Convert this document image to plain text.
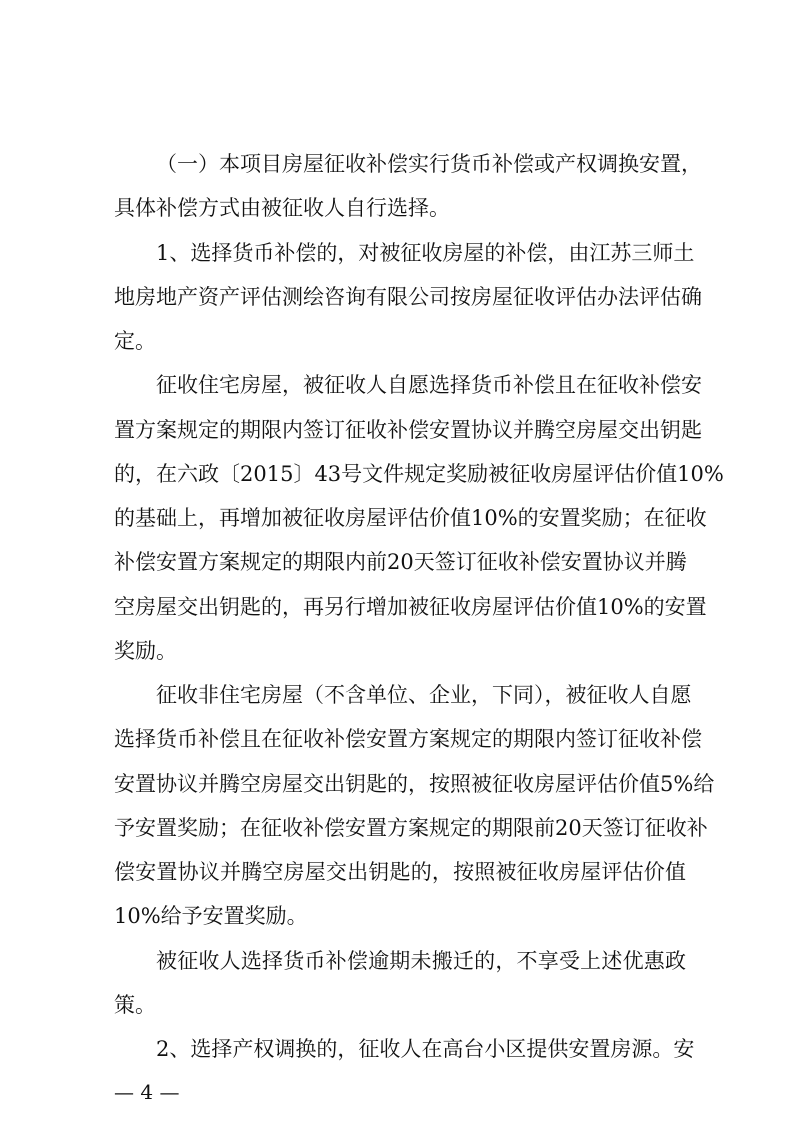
（一）本项目房屋征收补偿实行货币补偿或产权调换安置，
具体补偿方式由被征收人自行选择。
1、选择货币补偿的，对被征收房屋的补偿，由江苏三师土
地房地产资产评估测绘咨询有限公司按房屋征收评估办法评估确
定。
征收住宅房屋，被征收人自愿选择货币补偿且在征收补偿安
置方案规定的期限内签订征收补偿安置协议并腾空房屋交出钥匙
的，在六政〔2015〕43号文件规定奖励被征收房屋评估价值10%
的基础上，再增加被征收房屋评估价值10%的安置奖励；在征收
补偿安置方案规定的期限内前20天签订征收补偿安置协议并腾
空房屋交出钥匙的，再另行增加被征收房屋评估价值10%的安置
奖励。
征收非住宅房屋（不含单位、企业，下同），被征收人自愿
选择货币补偿且在征收补偿安置方案规定的期限内签订征收补偿
安置协议并腾空房屋交出钥匙的，按照被征收房屋评估价值5%给
予安置奖励；在征收补偿安置方案规定的期限前20天签订征收补
偿安置协议并腾空房屋交出钥匙的，按照被征收房屋评估价值
10%给予安置奖励。
被征收人选择货币补偿逾期未搬迁的，不享受上述优惠政
策。
2、选择产权调换的，征收人在高台小区提供安置房源。安
— 4 —
